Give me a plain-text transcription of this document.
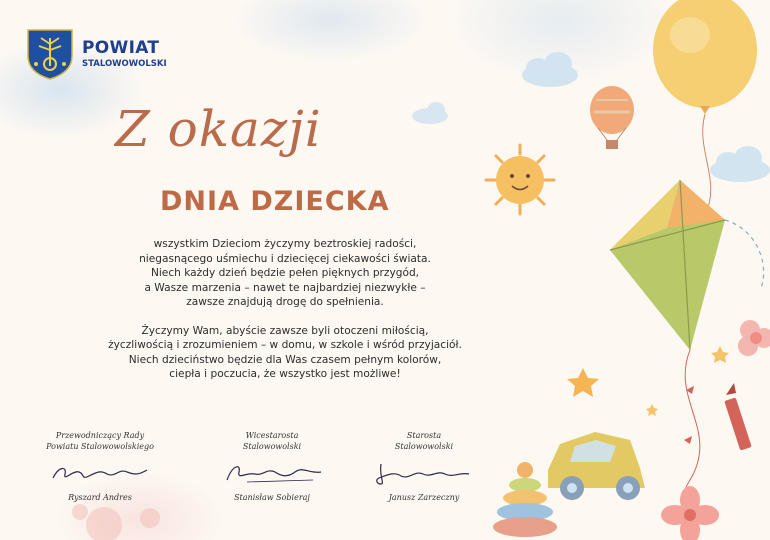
POWIAT
STALOWOWOLSKI
Z okazji
DNIA DZIECKA

wszystkim Dzieciom życzymy beztroskiej radości,
niegasnącego uśmiechu i dziecięcej ciekawości świata.
Niech każdy dzień będzie pełen pięknych przygód,
a Wasze marzenia – nawet te najbardziej niezwykłe –
zawsze znajdują drogę do spełnienia.

Życzymy Wam, abyście zawsze byli otoczeni miłością,
życzliwością i zrozumieniem – w domu, w szkole i wśród przyjaciół.
Niech dzieciństwo będzie dla Was czasem pełnym kolorów,
ciepła i poczucia, że wszystko jest możliwe!

Przewodniczący Rady
Powiatu Stalowowolskiego
Ryszard Andres
Wicestarosta
Stalowowolski
Stanisław Sobieraj
Starosta
Stalowowolski
Janusz Zarzeczny
